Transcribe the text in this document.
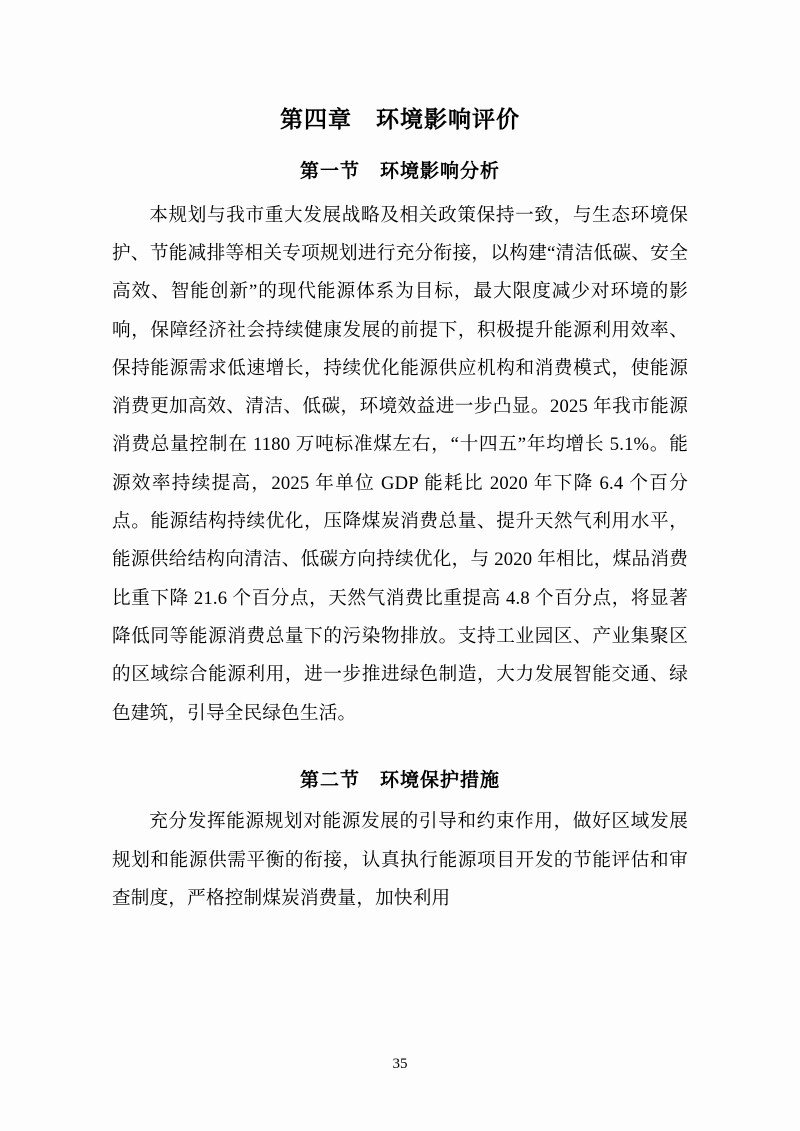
第四章　环境影响评价
第一节　环境影响分析

本规划与我市重大发展战略及相关政策保持一致，与生态环境保护、节能减排等相关专项规划进行充分衔接，以构建“清洁低碳、安全高效、智能创新”的现代能源体系为目标，最大限度减少对环境的影响，保障经济社会持续健康发展的前提下，积极提升能源利用效率、保持能源需求低速增长，持续优化能源供应机构和消费模式，使能源消费更加高效、清洁、低碳，环境效益进一步凸显。2025 年我市能源消费总量控制在 1180 万吨标准煤左右，“十四五”年均增长 5.1%。能源效率持续提高，2025 年单位 GDP 能耗比 2020 年下降 6.4 个百分点。能源结构持续优化，压降煤炭消费总量、提升天然气利用水平，能源供给结构向清洁、低碳方向持续优化，与 2020 年相比，煤品消费比重下降 21.6 个百分点，天然气消费比重提高 4.8 个百分点，将显著降低同等能源消费总量下的污染物排放。支持工业园区、产业集聚区的区域综合能源利用，进一步推进绿色制造，大力发展智能交通、绿色建筑，引导全民绿色生活。

第二节　环境保护措施

充分发挥能源规划对能源发展的引导和约束作用，做好区域发展规划和能源供需平衡的衔接，认真执行能源项目开发的节能评估和审查制度，严格控制煤炭消费量，加快利用

35
